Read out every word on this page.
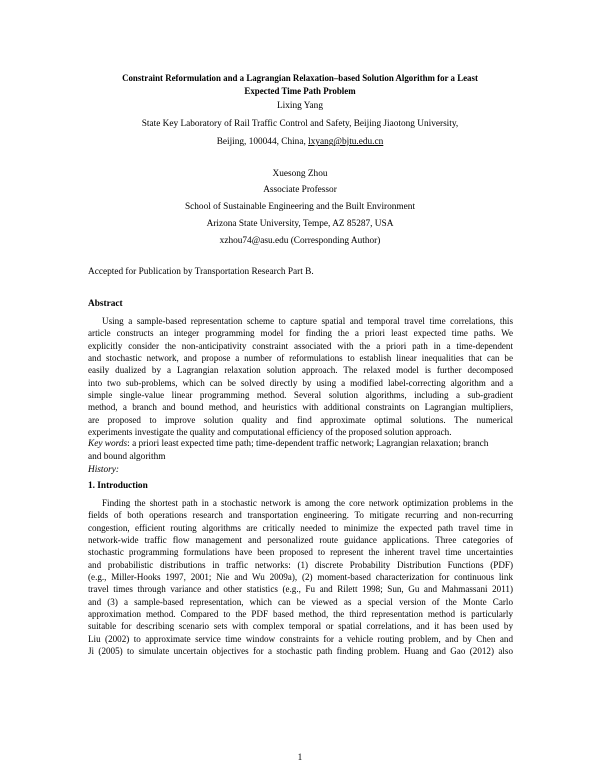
Constraint Reformulation and a Lagrangian Relaxation–based Solution Algorithm for a Least
Expected Time Path Problem
Lixing Yang
State Key Laboratory of Rail Traffic Control and Safety, Beijing Jiaotong University,
Beijing, 100044, China, lxyang@bjtu.edu.cn
Xuesong Zhou
Associate Professor
School of Sustainable Engineering and the Built Environment
Arizona State University, Tempe, AZ 85287, USA
xzhou74@asu.edu (Corresponding Author)
Accepted for Publication by Transportation Research Part B.
Abstract
Using a sample-based representation scheme to capture spatial and temporal travel time correlations, this
article constructs an integer programming model for finding the a priori least expected time paths. We
explicitly consider the non-anticipativity constraint associated with the a priori path in a time-dependent
and stochastic network, and propose a number of reformulations to establish linear inequalities that can be
easily dualized by a Lagrangian relaxation solution approach. The relaxed model is further decomposed
into two sub-problems, which can be solved directly by using a modified label-correcting algorithm and a
simple single-value linear programming method. Several solution algorithms, including a sub-gradient
method, a branch and bound method, and heuristics with additional constraints on Lagrangian multipliers,
are proposed to improve solution quality and find approximate optimal solutions. The numerical
experiments investigate the quality and computational efficiency of the proposed solution approach.
Key words: a priori least expected time path; time-dependent traffic network; Lagrangian relaxation; branch
and bound algorithm
History:
1. Introduction
Finding the shortest path in a stochastic network is among the core network optimization problems in the
fields of both operations research and transportation engineering. To mitigate recurring and non-recurring
congestion, efficient routing algorithms are critically needed to minimize the expected path travel time in
network-wide traffic flow management and personalized route guidance applications. Three categories of
stochastic programming formulations have been proposed to represent the inherent travel time uncertainties
and probabilistic distributions in traffic networks: (1) discrete Probability Distribution Functions (PDF)
(e.g., Miller-Hooks 1997, 2001; Nie and Wu 2009a), (2) moment-based characterization for continuous link
travel times through variance and other statistics (e.g., Fu and Rilett 1998; Sun, Gu and Mahmassani 2011)
and (3) a sample-based representation, which can be viewed as a special version of the Monte Carlo
approximation method. Compared to the PDF based method, the third representation method is particularly
suitable for describing scenario sets with complex temporal or spatial correlations, and it has been used by
Liu (2002) to approximate service time window constraints for a vehicle routing problem, and by Chen and
Ji (2005) to simulate uncertain objectives for a stochastic path finding problem. Huang and Gao (2012) also
1
